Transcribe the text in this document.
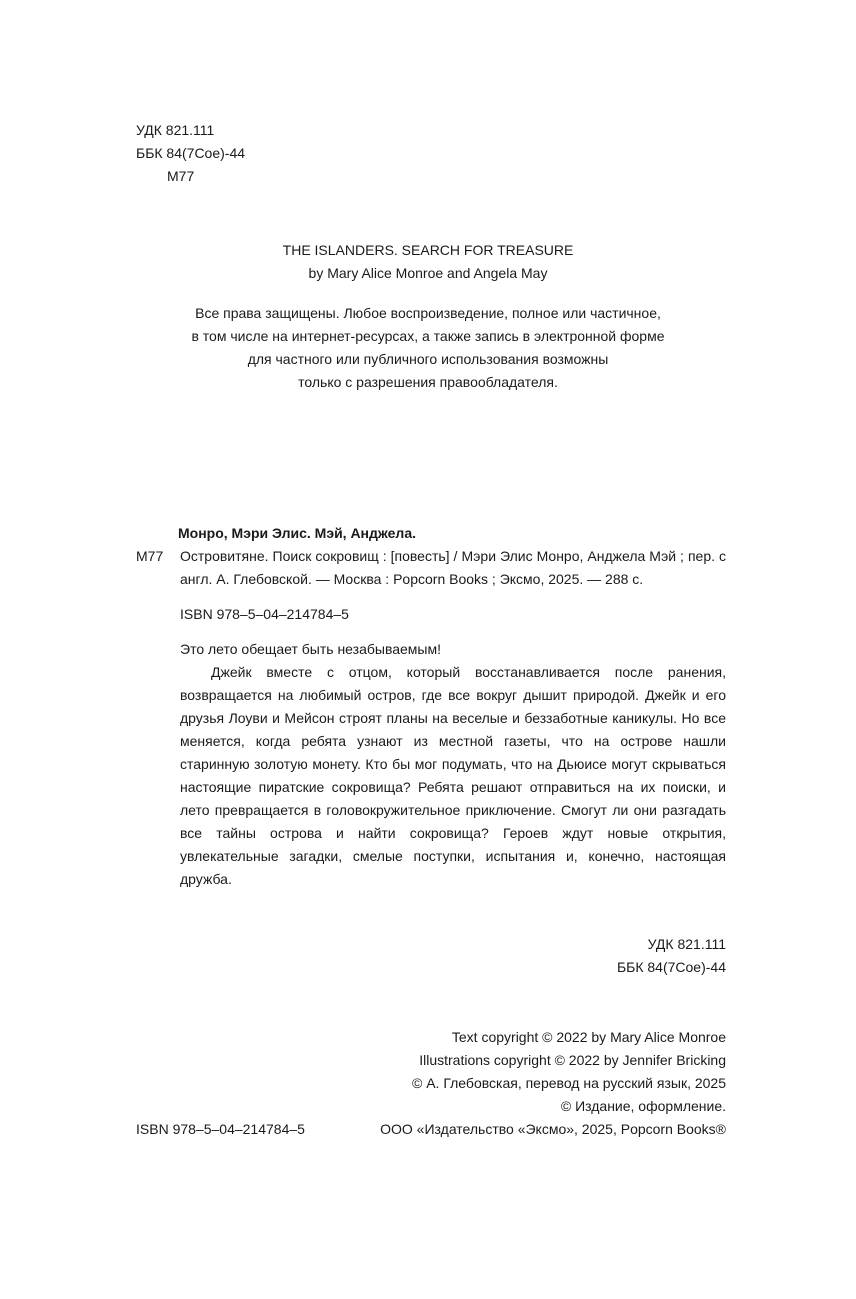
УДК 821.111
ББК 84(7Сое)-44
М77
THE ISLANDERS. SEARCH FOR TREASURE
by Mary Alice Monroe and Angela May
Все права защищены. Любое воспроизведение, полное или частичное,
в том числе на интернет-ресурсах, а также запись в электронной форме
для частного или публичного использования возможны
только с разрешения правообладателя.
Монро, Мэри Элис. Мэй, Анджела.
М77 Островитяне. Поиск сокровищ : [повесть] / Мэри Элис Монро, Анджела Мэй ; пер. с англ. А. Глебовской. — Москва : Popcorn Books ; Эксмо, 2025. — 288 с.
ISBN 978–5–04–214784–5
Это лето обещает быть незабываемым!
Джейк вместе с отцом, который восстанавливается после ранения, возвращается на любимый остров, где все вокруг дышит природой. Джейк и его друзья Лоуви и Мейсон строят планы на веселые и беззаботные каникулы. Но все меняется, когда ребята узнают из местной газеты, что на острове нашли старинную золотую монету. Кто бы мог подумать, что на Дьюисе могут скрываться настоящие пиратские сокровища? Ребята решают отправиться на их поиски, и лето превращается в головокружительное приключение. Смогут ли они разгадать все тайны острова и найти сокровища? Героев ждут новые открытия, увлекательные загадки, смелые поступки, испытания и, конечно, настоящая дружба.
УДК 821.111
ББК 84(7Сое)-44
Text copyright © 2022 by Mary Alice Monroe
Illustrations copyright © 2022 by Jennifer Bricking
© А. Глебовская, перевод на русский язык, 2025
© Издание, оформление.
ООО «Издательство «Эксмо», 2025, Popcorn Books®
ISBN 978–5–04–214784–5
